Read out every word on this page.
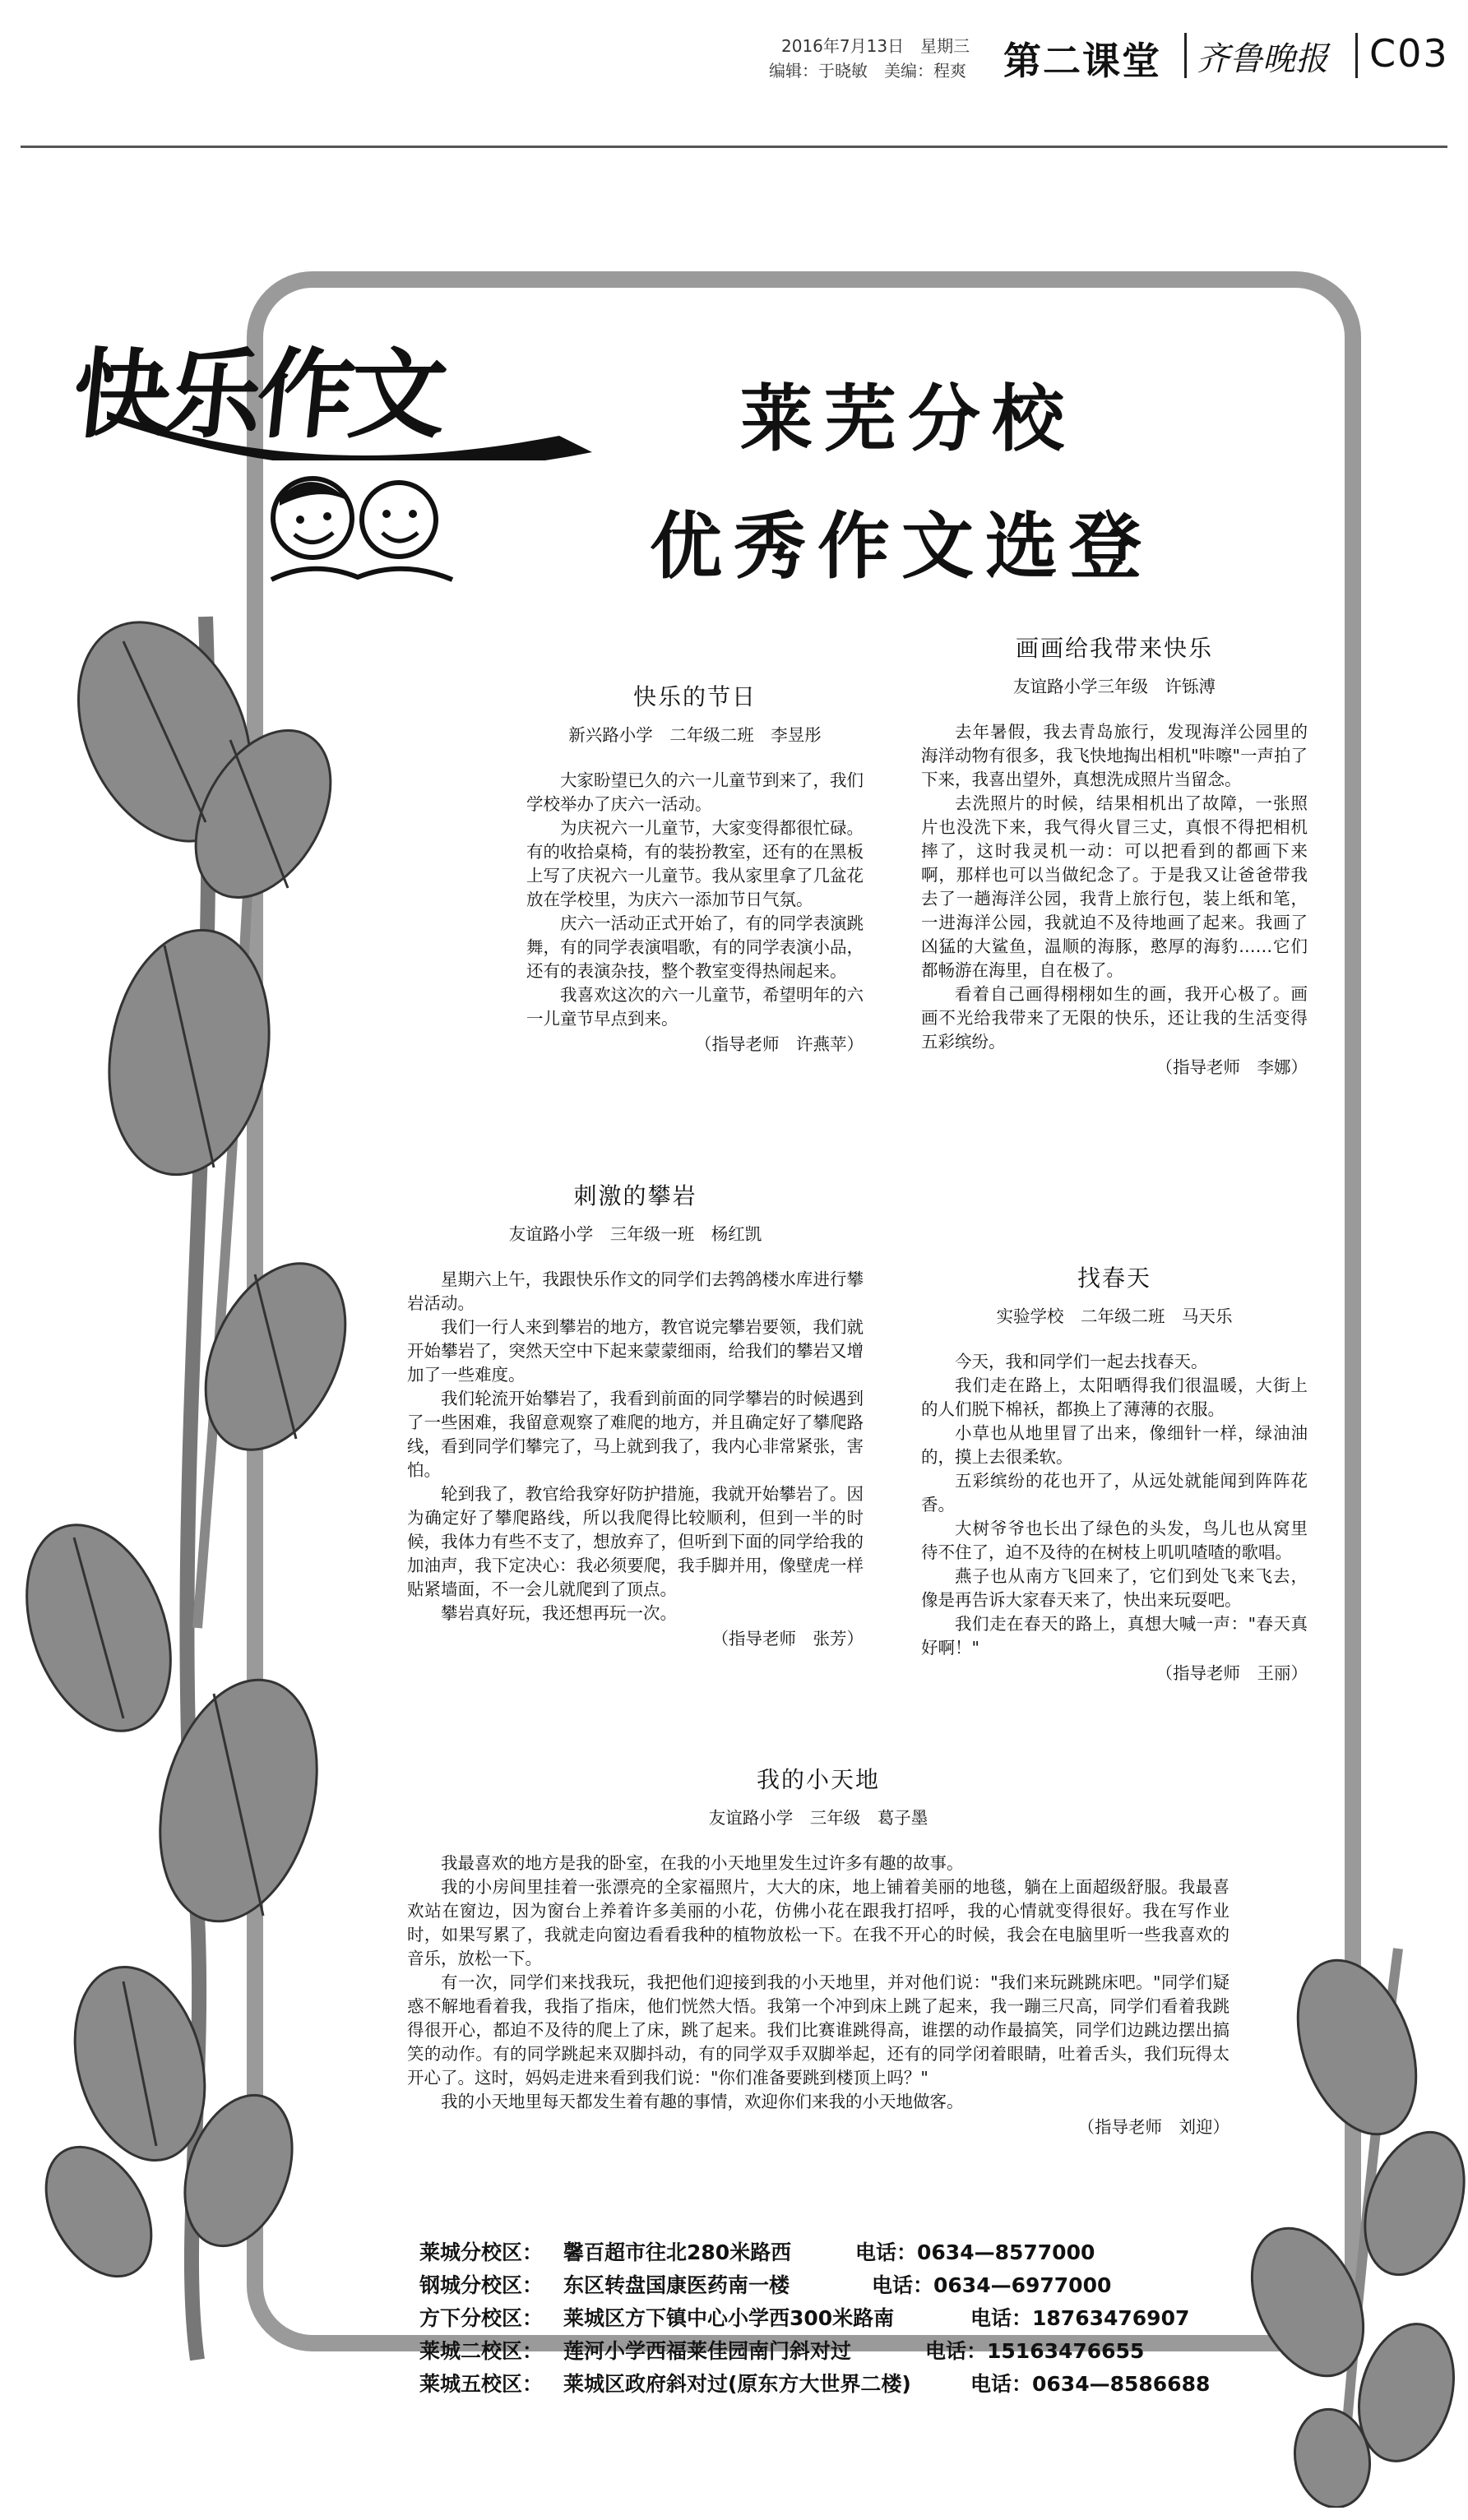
2016年7月13日　星期三
编辑：于晓敏　美编：程爽 第二课堂 齐鲁晚报 C03
快乐作文	莱芜分校
优秀作文选登
快乐的节日
新兴路小学　二年级二班　李昱彤

大家盼望已久的六一儿童节到来了，我们学校举办了庆六一活动。

为庆祝六一儿童节，大家变得都很忙碌。有的收拾桌椅，有的装扮教室，还有的在黑板上写了庆祝六一儿童节。我从家里拿了几盆花放在学校里，为庆六一添加节日气氛。

庆六一活动正式开始了，有的同学表演跳舞，有的同学表演唱歌，有的同学表演小品，还有的表演杂技，整个教室变得热闹起来。

我喜欢这次的六一儿童节，希望明年的六一儿童节早点到来。

（指导老师　许燕苹）
画画给我带来快乐
友谊路小学三年级　许铄溥

去年暑假，我去青岛旅行，发现海洋公园里的海洋动物有很多，我飞快地掏出相机"咔嚓"一声拍了下来，我喜出望外，真想洗成照片当留念。

去洗照片的时候，结果相机出了故障，一张照片也没洗下来，我气得火冒三丈，真恨不得把相机摔了，这时我灵机一动：可以把看到的都画下来啊，那样也可以当做纪念了。于是我又让爸爸带我去了一趟海洋公园，我背上旅行包，装上纸和笔，一进海洋公园，我就迫不及待地画了起来。我画了凶猛的大鲨鱼，温顺的海豚，憨厚的海豹……它们都畅游在海里，自在极了。

看着自己画得栩栩如生的画，我开心极了。画画不光给我带来了无限的快乐，还让我的生活变得五彩缤纷。

（指导老师　李娜）
刺激的攀岩
友谊路小学　三年级一班　杨红凯

星期六上午，我跟快乐作文的同学们去鹁鸽楼水库进行攀岩活动。

我们一行人来到攀岩的地方，教官说完攀岩要领，我们就开始攀岩了，突然天空中下起来蒙蒙细雨，给我们的攀岩又增加了一些难度。

我们轮流开始攀岩了，我看到前面的同学攀岩的时候遇到了一些困难，我留意观察了难爬的地方，并且确定好了攀爬路线，看到同学们攀完了，马上就到我了，我内心非常紧张，害怕。

轮到我了，教官给我穿好防护措施，我就开始攀岩了。因为确定好了攀爬路线，所以我爬得比较顺利，但到一半的时候，我体力有些不支了，想放弃了，但听到下面的同学给我的加油声，我下定决心：我必须要爬，我手脚并用，像壁虎一样贴紧墙面，不一会儿就爬到了顶点。

攀岩真好玩，我还想再玩一次。

（指导老师　张芳）
找春天
实验学校　二年级二班　马天乐

今天，我和同学们一起去找春天。

我们走在路上，太阳晒得我们很温暖，大街上的人们脱下棉袄，都换上了薄薄的衣服。

小草也从地里冒了出来，像细针一样，绿油油的，摸上去很柔软。

五彩缤纷的花也开了，从远处就能闻到阵阵花香。

大树爷爷也长出了绿色的头发，鸟儿也从窝里待不住了，迫不及待的在树枝上叽叽喳喳的歌唱。

燕子也从南方飞回来了，它们到处飞来飞去，像是再告诉大家春天来了，快出来玩耍吧。

我们走在春天的路上，真想大喊一声："春天真好啊！"

（指导老师　王丽）
我的小天地
友谊路小学　三年级　葛子墨

我最喜欢的地方是我的卧室，在我的小天地里发生过许多有趣的故事。

我的小房间里挂着一张漂亮的全家福照片，大大的床，地上铺着美丽的地毯，躺在上面超级舒服。我最喜欢站在窗边，因为窗台上养着许多美丽的小花，仿佛小花在跟我打招呼，我的心情就变得很好。我在写作业时，如果写累了，我就走向窗边看看我种的植物放松一下。在我不开心的时候，我会在电脑里听一些我喜欢的音乐，放松一下。

有一次，同学们来找我玩，我把他们迎接到我的小天地里，并对他们说："我们来玩跳跳床吧。"同学们疑惑不解地看着我，我指了指床，他们恍然大悟。我第一个冲到床上跳了起来，我一蹦三尺高，同学们看着我跳得很开心，都迫不及待的爬上了床，跳了起来。我们比赛谁跳得高，谁摆的动作最搞笑，同学们边跳边摆出搞笑的动作。有的同学跳起来双脚抖动，有的同学双手双脚举起，还有的同学闭着眼睛，吐着舌头，我们玩得太开心了。这时，妈妈走进来看到我们说："你们准备要跳到楼顶上吗？"

我的小天地里每天都发生着有趣的事情，欢迎你们来我的小天地做客。

（指导老师　刘迎）
莱城分校区： 馨百超市往北280米路西	电话：0634—8577000
钢城分校区： 东区转盘国康医药南一楼	电话：0634—6977000
方下分校区： 莱城区方下镇中心小学西300米路南	电话：18763476907
莱城二校区： 莲河小学西福莱佳园南门斜对过	电话：15163476655
莱城五校区： 莱城区政府斜对过(原东方大世界二楼)	电话：0634—8586688
